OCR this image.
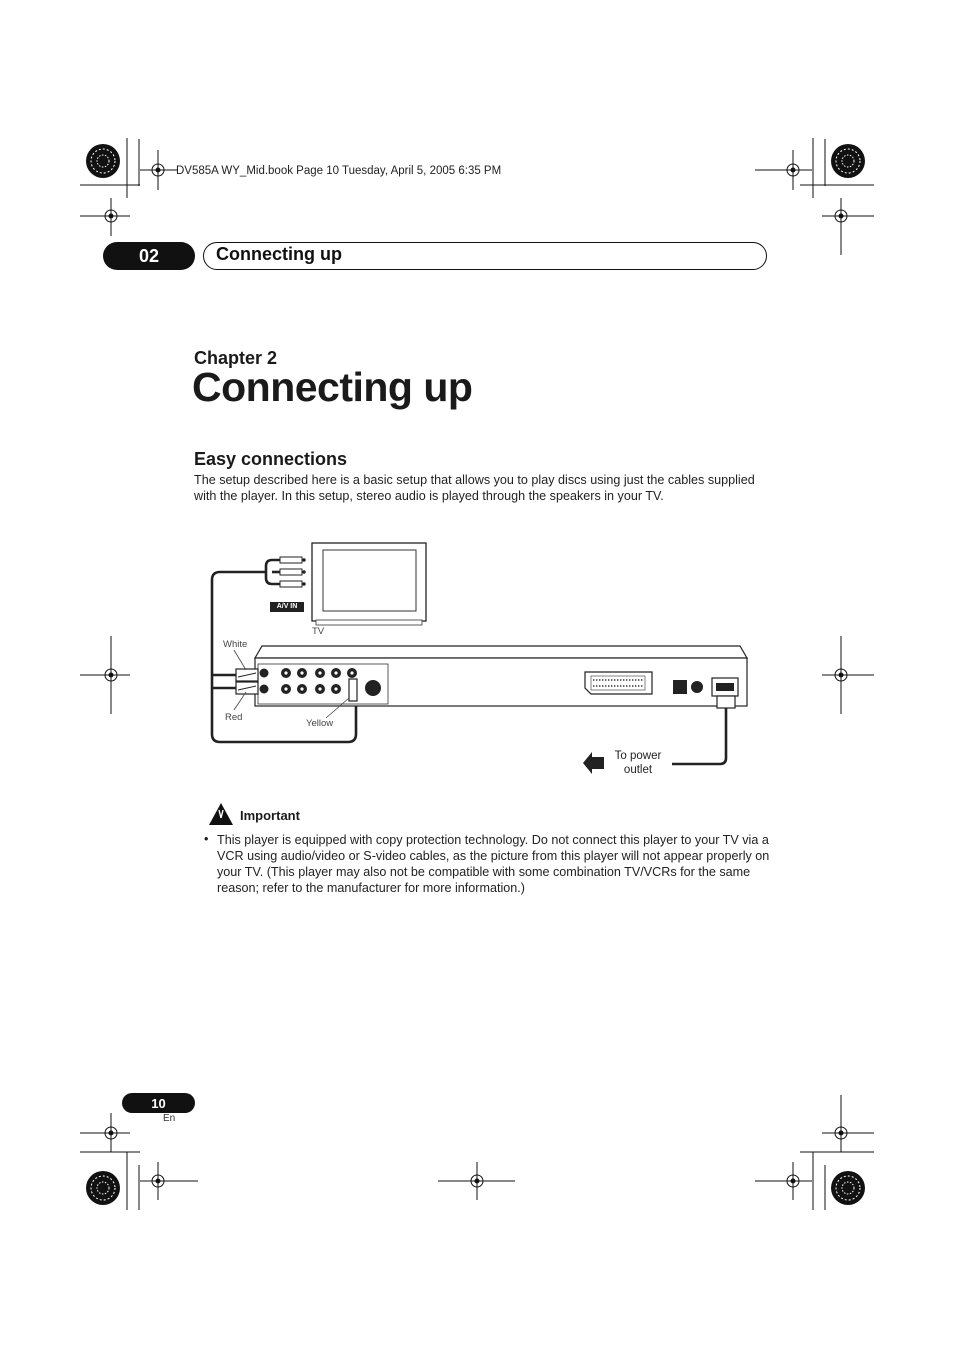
DV585A WY_Mid.book Page 10 Tuesday, April 5, 2005 6:35 PM
02	Connecting up
Chapter 2
Connecting up
Easy connections
The setup described here is a basic setup that allows you to play discs using just the cables supplied with the player. In this setup, stereo audio is played through the speakers in your TV.
A/V IN
TV
White
Red
Yellow
To power outlet
Important
• This player is equipped with copy protection technology. Do not connect this player to your TV via a VCR using audio/video or S-video cables, as the picture from this player will not appear properly on your TV. (This player may also not be compatible with some combination TV/VCRs for the same reason; refer to the manufacturer for more information.)
10
En
